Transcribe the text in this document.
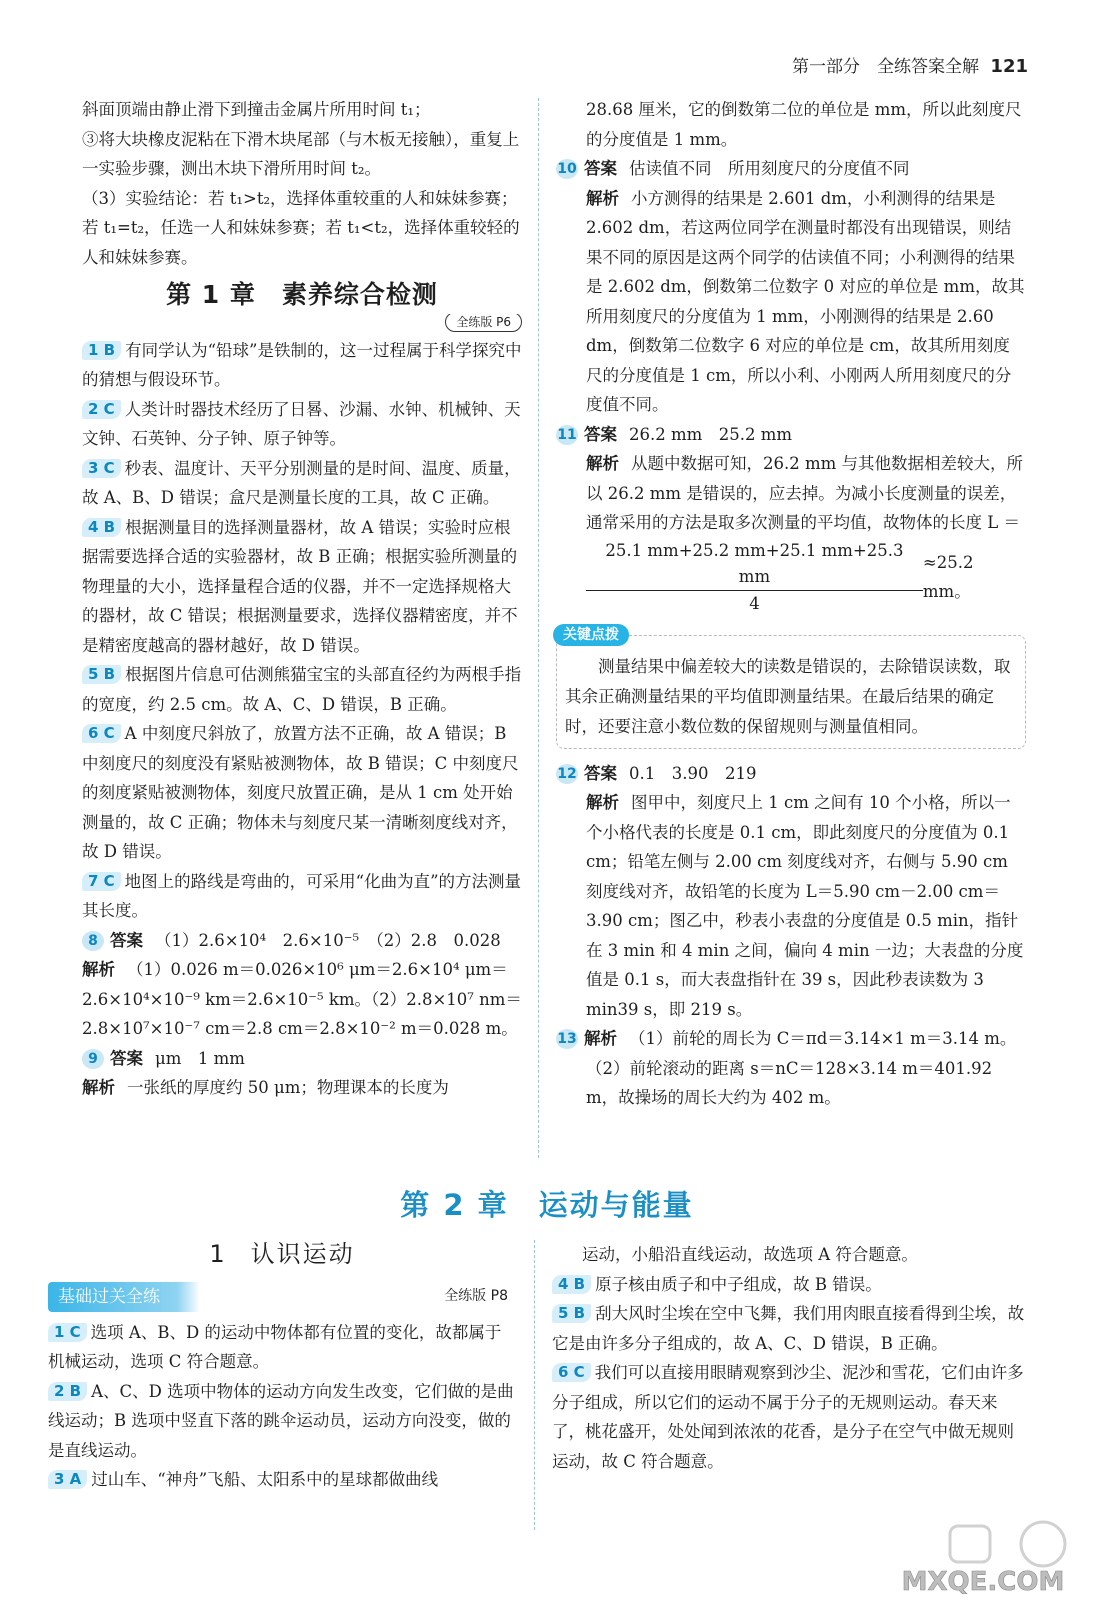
第一部分　全练答案全解 121

斜面顶端由静止滑下到撞击金属片所用时间 t₁；

③将大块橡皮泥粘在下滑木块尾部（与木板无接触），重复上一实验步骤，测出木块下滑所用时间 t₂。

（3）实验结论：若 t₁>t₂，选择体重较重的人和妹妹参赛；若 t₁=t₂，任选一人和妹妹参赛；若 t₁<t₂，选择体重较轻的人和妹妹参赛。

第 1 章 素养综合检测
全练版 P6

1 B 有同学认为“铅球”是铁制的，这一过程属于科学探究中的猜想与假设环节。

2 C 人类计时器技术经历了日晷、沙漏、水钟、机械钟、天文钟、石英钟、分子钟、原子钟等。

3 C 秒表、温度计、天平分别测量的是时间、温度、质量，故 A、B、D 错误；盒尺是测量长度的工具，故 C 正确。

4 B 根据测量目的选择测量器材，故 A 错误；实验时应根据需要选择合适的实验器材，故 B 正确；根据实验所测量的物理量的大小，选择量程合适的仪器，并不一定选择规格大的器材，故 C 错误；根据测量要求，选择仪器精密度，并不是精密度越高的器材越好，故 D 错误。

5 B 根据图片信息可估测熊猫宝宝的头部直径约为两根手指的宽度，约 2.5 cm。故 A、C、D 错误，B 正确。

6 C A 中刻度尺斜放了，放置方法不正确，故 A 错误；B 中刻度尺的刻度没有紧贴被测物体，故 B 错误；C 中刻度尺的刻度紧贴被测物体，刻度尺放置正确，是从 1 cm 处开始测量的，故 C 正确；物体未与刻度尺某一清晰刻度线对齐，故 D 错误。

7 C 地图上的路线是弯曲的，可采用“化曲为直”的方法测量其长度。

8 答案 （1）2.6×10⁴　2.6×10⁻⁵　（2）2.8　0.028

解析 （1）0.026 m＝0.026×10⁶ μm＝2.6×10⁴ μm＝2.6×10⁴×10⁻⁹ km＝2.6×10⁻⁵ km。（2）2.8×10⁷ nm＝2.8×10⁷×10⁻⁷ cm＝2.8 cm＝2.8×10⁻² m＝0.028 m。

9 答案 μm　1 mm

解析 一张纸的厚度约 50 μm；物理课本的长度为

28.68 厘米，它的倒数第二位的单位是 mm，所以此刻度尺的分度值是 1 mm。

10 答案 估读值不同　所用刻度尺的分度值不同

解析 小方测得的结果是 2.601 dm，小利测得的结果是 2.602 dm，若这两位同学在测量时都没有出现错误，则结果不同的原因是这两个同学的估读值不同；小利测得的结果是 2.602 dm，倒数第二位数字 0 对应的单位是 mm，故其所用刻度尺的分度值为 1 mm，小刚测得的结果是 2.60 dm，倒数第二位数字 6 对应的单位是 cm，故其所用刻度尺的分度值是 1 cm，所以小利、小刚两人所用刻度尺的分度值不同。

11 答案 26.2 mm　25.2 mm

解析 从题中数据可知，26.2 mm 与其他数据相差较大，所以 26.2 mm 是错误的，应去掉。为减小长度测量的误差，通常采用的方法是取多次测量的平均值，故物体的长度 L ＝

$\frac{25.1 mm+25.2 mm+25.1 mm+25.3 mm}{4} \approx 25.2$ mm。
关键点拨

测量结果中偏差较大的读数是错误的，去除错误读数，取其余正确测量结果的平均值即测量结果。在最后结果的确定时，还要注意小数位数的保留规则与测量值相同。

12 答案 0.1　3.90　219

解析 图甲中，刻度尺上 1 cm 之间有 10 个小格，所以一个小格代表的长度是 0.1 cm，即此刻度尺的分度值为 0.1 cm；铅笔左侧与 2.00 cm 刻度线对齐，右侧与 5.90 cm 刻度线对齐，故铅笔的长度为 L＝5.90 cm－2.00 cm＝3.90 cm；图乙中，秒表小表盘的分度值是 0.5 min，指针在 3 min 和 4 min 之间，偏向 4 min 一边；大表盘的分度值是 0.1 s，而大表盘指针在 39 s，因此秒表读数为 3 min39 s，即 219 s。

13 解析 （1）前轮的周长为 C＝πd＝3.14×1 m＝3.14 m。

（2）前轮滚动的距离 s＝nC＝128×3.14 m＝401.92 m，故操场的周长大约为 402 m。

第 2 章 运动与能量
1 认识运动
基础过关全练	全练版 P8

1 C 选项 A、B、D 的运动中物体都有位置的变化，故都属于机械运动，选项 C 符合题意。

2 B A、C、D 选项中物体的运动方向发生改变，它们做的是曲线运动；B 选项中竖直下落的跳伞运动员，运动方向没变，做的是直线运动。

3 A 过山车、“神舟”飞船、太阳系中的星球都做曲线

运动，小船沿直线运动，故选项 A 符合题意。

4 B 原子核由质子和中子组成，故 B 错误。

5 B 刮大风时尘埃在空中飞舞，我们用肉眼直接看得到尘埃，故它是由许多分子组成的，故 A、C、D 错误，B 正确。

6 C 我们可以直接用眼睛观察到沙尘、泥沙和雪花，它们由许多分子组成，所以它们的运动不属于分子的无规则运动。春天来了，桃花盛开，处处闻到浓浓的花香，是分子在空气中做无规则运动，故 C 符合题意。

MXQE.COM
